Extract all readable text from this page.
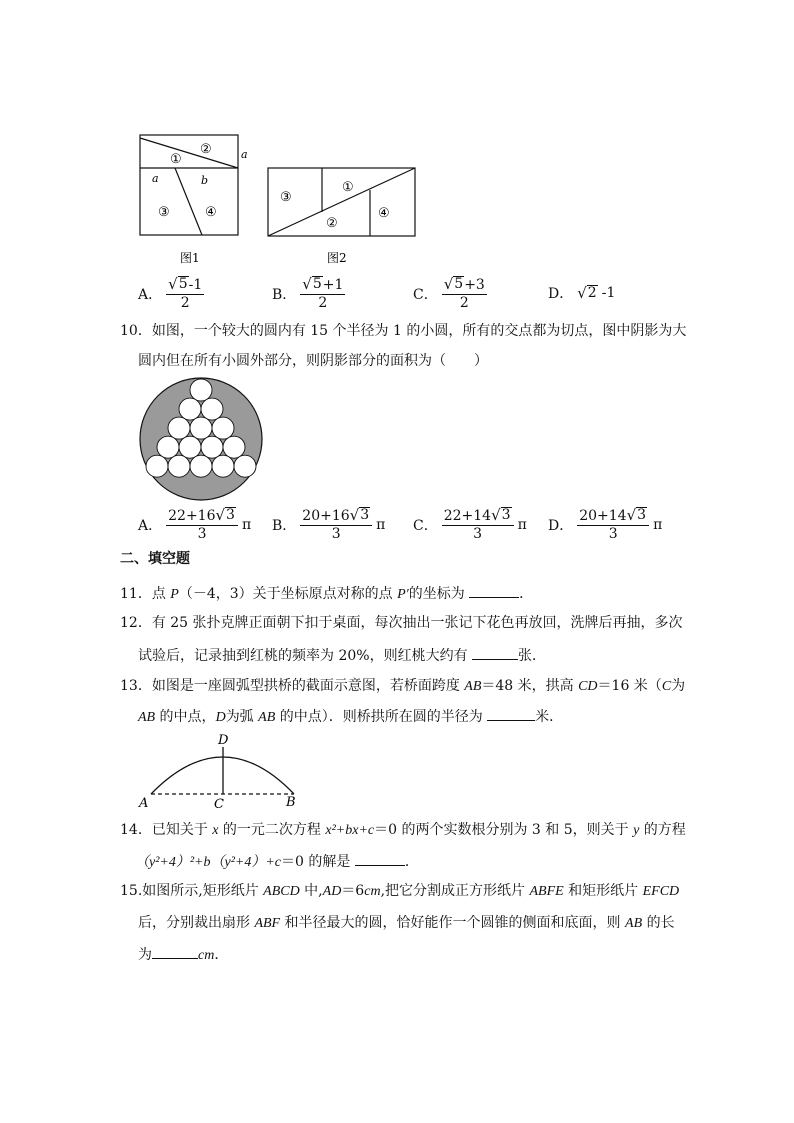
①
②
③	④
a
a	b
图1
③
①
②
④
图2
A． $\frac{√ 5 -1}{2}$	B． $\frac{√ 5 +1}{2}$	C． $\frac{√ 5 +3}{2}$	D． √ 2 -1
10．如图，一个较大的圆内有 15 个半径为 1 的小圆，所有的交点都为切点，图中阴影为大
圆内但在所有小圆外部分，则阴影部分的面积为（　　）
A． $\frac{22+16 √ 3}{3}$ π B． $\frac{20+16 √ 3}{3}$ π C． $\frac{22+14 √ 3}{3}$ π D． $\frac{20+14 √ 3}{3}$ π
二、填空题
11．点 P（－4，3）关于坐标原点对称的点 P′的坐标为	．
12．有 25 张扑克牌正面朝下扣于桌面，每次抽出一张记下花色再放回，洗牌后再抽，多次
试验后，记录抽到红桃的频率为 20%，则红桃大约有	张．
13．如图是一座圆弧型拱桥的截面示意图，若桥面跨度 AB＝48 米，拱高 CD＝16 米（C为
AB 的中点，D为弧 AB 的中点）．则桥拱所在圆的半径为	米．
A	C	B
D
14．已知关于 x 的一元二次方程 x²+bx+c＝0 的两个实数根分别为 3 和 5，则关于 y 的方程
（y²+4）²+b（y²+4）+c＝0 的解是	．
15.如图所示,矩形纸片 ABCD 中,AD＝6cm,把它分割成正方形纸片 ABFE 和矩形纸片 EFCD
后，分别裁出扇形 ABF 和半径最大的圆，恰好能作一个圆锥的侧面和底面，则 AB 的长
为	cm．
